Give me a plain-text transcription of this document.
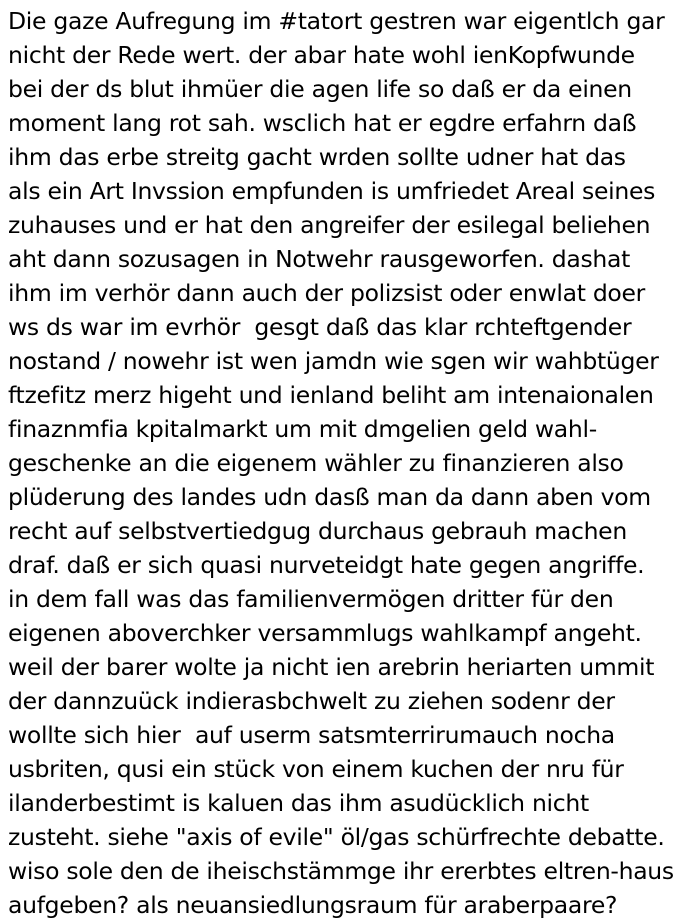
Die gaze Aufregung im #tatort gestren war eigentlch gar
nicht der Rede wert. der abar hate wohl ienKopfwunde
bei der ds blut ihmüer die agen life so daß er da einen
moment lang rot sah. wsclich hat er egdre erfahrn daß
ihm das erbe streitg gacht wrden sollte udner hat das
als ein Art Invssion empfunden is umfriedet Areal seines
zuhauses und er hat den angreifer der esilegal beliehen
aht dann sozusagen in Notwehr rausgeworfen. dashat
ihm im verhör dann auch der polizsist oder enwlat doer
ws ds war im evrhör  gesgt daß das klar rchteftgender
nostand / nowehr ist wen jamdn wie sgen wir wahbtüger
ftzefitz merz higeht und ienland beliht am intenaionalen
finaznmfia kpitalmarkt um mit dmgelien geld wahl-
geschenke an die eigenem wähler zu finanzieren also
plüderung des landes udn dasß man da dann aben vom
recht auf selbstvertiedgug durchaus gebrauh machen
draf. daß er sich quasi nurveteidgt hate gegen angriffe.
in dem fall was das familienvermögen dritter für den
eigenen aboverchker versammlugs wahlkampf angeht.
weil der barer wolte ja nicht ien arebrin heriarten ummit
der dannzuück indierasbchwelt zu ziehen sodenr der
wollte sich hier  auf userm satsmterrirumauch nocha
usbriten, qusi ein stück von einem kuchen der nru für
ilanderbestimt is kaluen das ihm asudücklich nicht
zusteht. siehe "axis of evile" öl/gas schürfrechte debatte.
wiso sole den de iheischstämmge ihr ererbtes eltren-haus
aufgeben? als neuansiedlungsraum für araberpaare?
